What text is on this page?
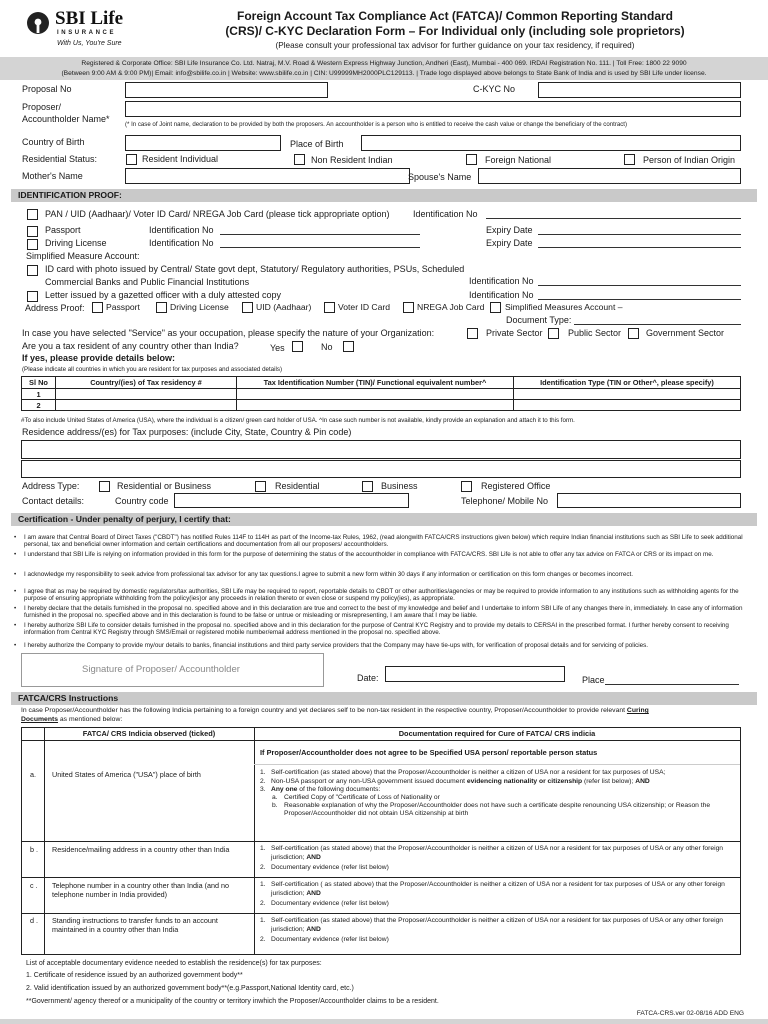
SBI Life
INSURANCE
With Us, You're Sure
Foreign Account Tax Compliance Act (FATCA)/ Common Reporting Standard
(CRS)/ C-KYC Declaration Form – For Individual only (including sole proprietors)
(Please consult your professional tax advisor for further guidance on your tax residency, if required)
Registered & Corporate Office: SBI Life Insurance Co. Ltd. Natraj, M.V. Road & Western Express Highway Junction, Andheri (East), Mumbai - 400 069. IRDAI Registration No. 111. | Toll Free: 1800 22 9090
(Between 9:00 AM & 9:00 PM)| Email: info@sbilife.co.in | Website: www.sbilife.co.in | CIN: U99999MH2000PLC129113. | Trade logo displayed above belongs to State Bank of India and is used by SBI Life under license.
Proposal No	C-KYC No
Proposer/
Accountholder Name*
(* In case of Joint name, declaration to be provided by both the proposers. An accountholder is a person who is entitled to receive the cash value or change the beneficiary of the contract)
Country of Birth	Place of Birth
Residential Status:	Resident Individual	Non Resident Indian	Foreign National	Person of Indian Origin
Mother's Name	Spouse's Name
IDENTIFICATION PROOF:
PAN / UID (Aadhaar)/ Voter ID Card/ NREGA Job Card (please tick appropriate option)	Identification No
Passport	Identification No	Expiry Date
Driving License	Identification No	Expiry Date
Simplified Measure Account:
ID card with photo issued by Central/ State govt dept, Statutory/ Regulatory authorities, PSUs, Scheduled
Commercial Banks and Public Financial Institutions	Identification No
Letter issued by a gazetted officer with a duly attested copy	Identification No
Address Proof: Passport	Driving License	UID (Aadhaar)	Voter ID Card	NREGA Job Card Simplified Measures Account –
Document Type:
In case you have selected "Service" as your occupation, please specify the nature of your Organization:	Private Sector	Public Sector	Government Sector
Are you a tax resident of any country other than India?	Yes	No
If yes, please provide details below:
(Please indicate all countries in which you are resident for tax purposes and associated details)
Sl No	Country/(ies) of Tax residency #	Tax Identification Number (TIN)/ Functional equivalent number^	Identification Type (TIN or Other^, please specify)
1			
2			
#To also include United States of America (USA), where the individual is a citizen/ green card holder of USA. ^In case such number is not available, kindly provide an explanation and attach it to this form.
Residence address/(es) for Tax purposes: (include City, State, Country & Pin code)
Address Type:	Residential or Business	Residential	Business	Registered Office
Contact details:	Country code	Telephone/ Mobile No
Certification - Under penalty of perjury, I certify that:
• I am aware that Central Board of Direct Taxes ("CBDT") has notified Rules 114F to 114H as part of the Income-tax Rules, 1962, (read alongwith FATCA/CRS instructions given below) which require Indian financial institutions such as SBI Life to seek additional personal, tax and beneficial owner information and certain certifications and documentation from all our proposers/ accountholders.
• I understand that SBI Life is relying on information provided in this form for the purpose of determining the status of the accountholder in compliance with FATCA/CRS. SBI Life is not able to offer any tax advice on FATCA or CRS or its impact on me.
• I acknowledge my responsibility to seek advice from professional tax advisor for any tax questions.I agree to submit a new form within 30 days if any information or certification on this form changes or becomes incorrect.
• I agree that as may be required by domestic regulators/tax authorities, SBI Life may be required to report, reportable details to CBDT or other authorities/agencies or may be required to provide information to any institutions such as withholding agents for the purpose of ensuring appropriate withholding from the policy(ies)or any proceeds in relation thereto or even close or suspend my policy(ies), as appropriate.
• I hereby declare that the details furnished in the proposal no. specified above and in this declaration are true and correct to the best of my knowledge and belief and I undertake to inform SBI Life of any changes there in, immediately. In case any of information furnished in the proposal no. specified above and in this declaration is found to be false or untrue or misleading or misrepresenting, I am aware that I may be liable.
• I hereby authorize SBI Life to consider details furnished in the proposal no. specified above and in this declaration for the purpose of Central KYC Registry and to provide my details to CERSAI in the prescribed format. I further hereby consent to receiving information from Central KYC Registry through SMS/Email or registered mobile number/email address mentioned in the proposal no. specified above.
• I hereby authorize the Company to provide my/our details to banks, financial institutions and third party service providers that the Company may have tie-ups with, for verification of proposal details and for servicing of policies.
Signature of Proposer/ Accountholder
Date:	Place
FATCA/CRS Instructions
In case Proposer/Accountholder has the following Indicia pertaining to a foreign country and yet declares self to be non-tax resident in the respective country, Proposer/Accountholder to provide relevant Curing
Documents as mentioned below:
FATCA/ CRS Indicia observed (ticked)	Documentation required for Cure of FATCA/ CRS indicia
If Proposer/Accountholder does not agree to be Specified USA person/ reportable person status
a. United States of America ("USA") place of birth	1. Self-certification (as stated above) that the Proposer/Accountholder is neither a citizen of USA nor a resident for tax purposes of USA;
2. Non-USA passport or any non-USA government issued document evidencing nationality or citizenship (refer list below); AND
3. Any one of the following documents:
a. Certified Copy of "Certificate of Loss of Nationality or
b. Reasonable explanation of why the Proposer/Accountholder does not have such a certificate despite renouncing USA citizenship; or Reason the Proposer/Accountholder did not obtain USA citizenship at birth
b . Residence/mailing address in a country other than India	1. Self-certification (as stated above) that the Proposer/Accountholder is neither a citizen of USA nor a resident for tax purposes of USA or any other foreign jurisdiction; AND
2. Documentary evidence (refer list below)
c . Telephone number in a country other than India (and no telephone number in India provided)
1. Self-certification ( as stated above) that the Proposer/Accountholder is neither a citizen of USA nor a resident for tax purposes of USA or any other foreign jurisdiction; AND
2. Documentary evidence (refer list below)
d . Standing instructions to transfer funds to an account maintained in a country other than India
1. Self-certification (as stated above) that the Proposer/Accountholder is neither a citizen of USA nor a resident for tax purposes of USA or any other foreign jurisdiction; AND
2. Documentary evidence (refer list below)
List of acceptable documentary evidence needed to establish the residence(s) for tax purposes:
1. Certificate of residence issued by an authorized government body**
2. Valid identification issued by an authorized government body**(e.g.Passport,National Identity card, etc.)
**Government/ agency thereof or a municipality of the country or territory inwhich the Proposer/Accountholder claims to be a resident.
FATCA-CRS.ver 02-08/16 ADD ENG
